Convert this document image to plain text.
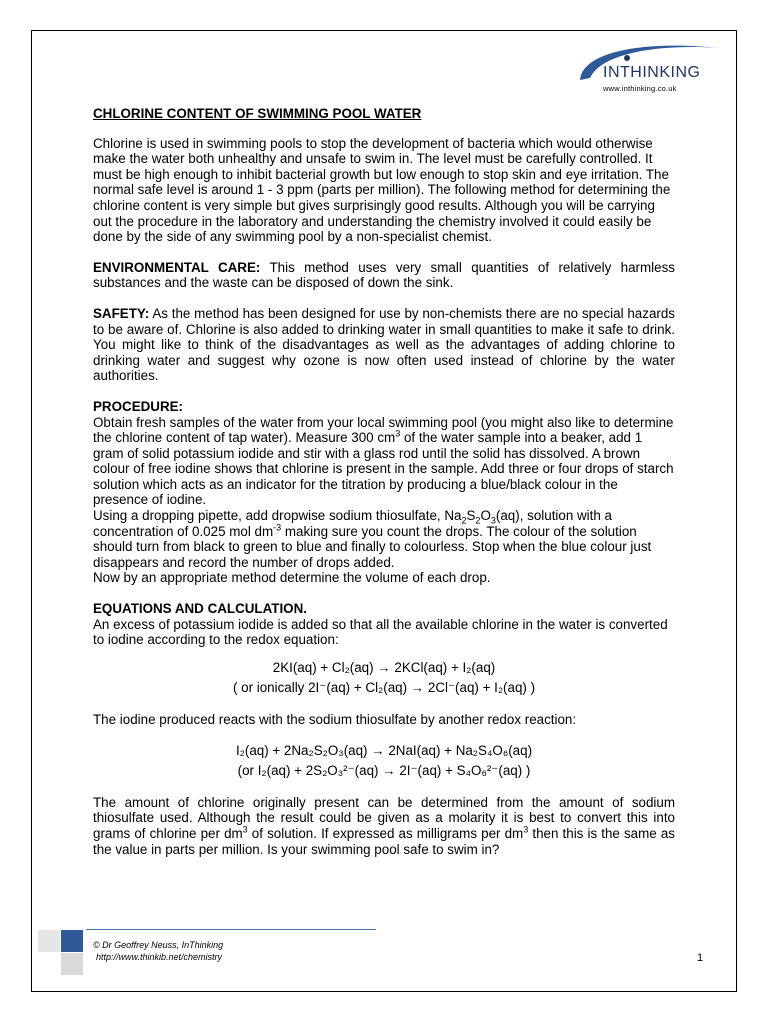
INTHINKING
www.inthinking.co.uk
CHLORINE CONTENT OF SWIMMING POOL WATER

Chlorine is used in swimming pools to stop the development of bacteria which would otherwise make the water both unhealthy and unsafe to swim in. The level must be carefully controlled. It must be high enough to inhibit bacterial growth but low enough to stop skin and eye irritation. The normal safe level is around 1 - 3 ppm (parts per million). The following method for determining the chlorine content is very simple but gives surprisingly good results. Although you will be carrying out the procedure in the laboratory and understanding the chemistry involved it could easily be done by the side of any swimming pool by a non-specialist chemist.

ENVIRONMENTAL CARE: This method uses very small quantities of relatively harmless substances and the waste can be disposed of down the sink.

SAFETY: As the method has been designed for use by non-chemists there are no special hazards to be aware of. Chlorine is also added to drinking water in small quantities to make it safe to drink. You might like to think of the disadvantages as well as the advantages of adding chlorine to drinking water and suggest why ozone is now often used instead of chlorine by the water authorities.

PROCEDURE:
Obtain fresh samples of the water from your local swimming pool (you might also like to determine the chlorine content of tap water). Measure 300 $cm^3$ of the water sample into a beaker, add 1 gram of solid potassium iodide and stir with a glass rod until the solid has dissolved. A brown colour of free iodine shows that chlorine is present in the sample. Add three or four drops of starch solution which acts as an indicator for the titration by producing a blue/black colour in the presence of iodine.
Using a dropping pipette, add dropwise sodium thiosulfate, $Na_2S_2O_3(aq)$, solution with a concentration of 0.025 mol $dm^{-3}$ making sure you count the drops. The colour of the solution should turn from black to green to blue and finally to colourless. Stop when the blue colour just disappears and record the number of drops added.
Now by an appropriate method determine the volume of each drop.
EQUATIONS AND CALCULATION.
An excess of potassium iodide is added so that all the available chlorine in the water is converted to iodine according to the redox equation:
2KI(aq) + Cl₂(aq) → 2KCl(aq) + I₂(aq)
( or ionically 2I⁻(aq) + Cl₂(aq) → 2Cl⁻(aq) + I₂(aq) )

The iodine produced reacts with the sodium thiosulfate by another redox reaction:

I₂(aq) + 2Na₂S₂O₃(aq) → 2NaI(aq) + Na₂S₄O₆(aq)
(or I₂(aq) + 2S₂O₃²⁻(aq) → 2I⁻(aq) + S₄O₆²⁻(aq) )

The amount of chlorine originally present can be determined from the amount of sodium thiosulfate used. Although the result could be given as a molarity it is best to convert this into grams of chlorine per $dm^3$ of solution. If expressed as milligrams per $dm^3$ then this is the same as the value in parts per million. Is your swimming pool safe to swim in?

© Dr Geoffrey Neuss, InThinking
http://www.thinkib.net/chemistry	1
